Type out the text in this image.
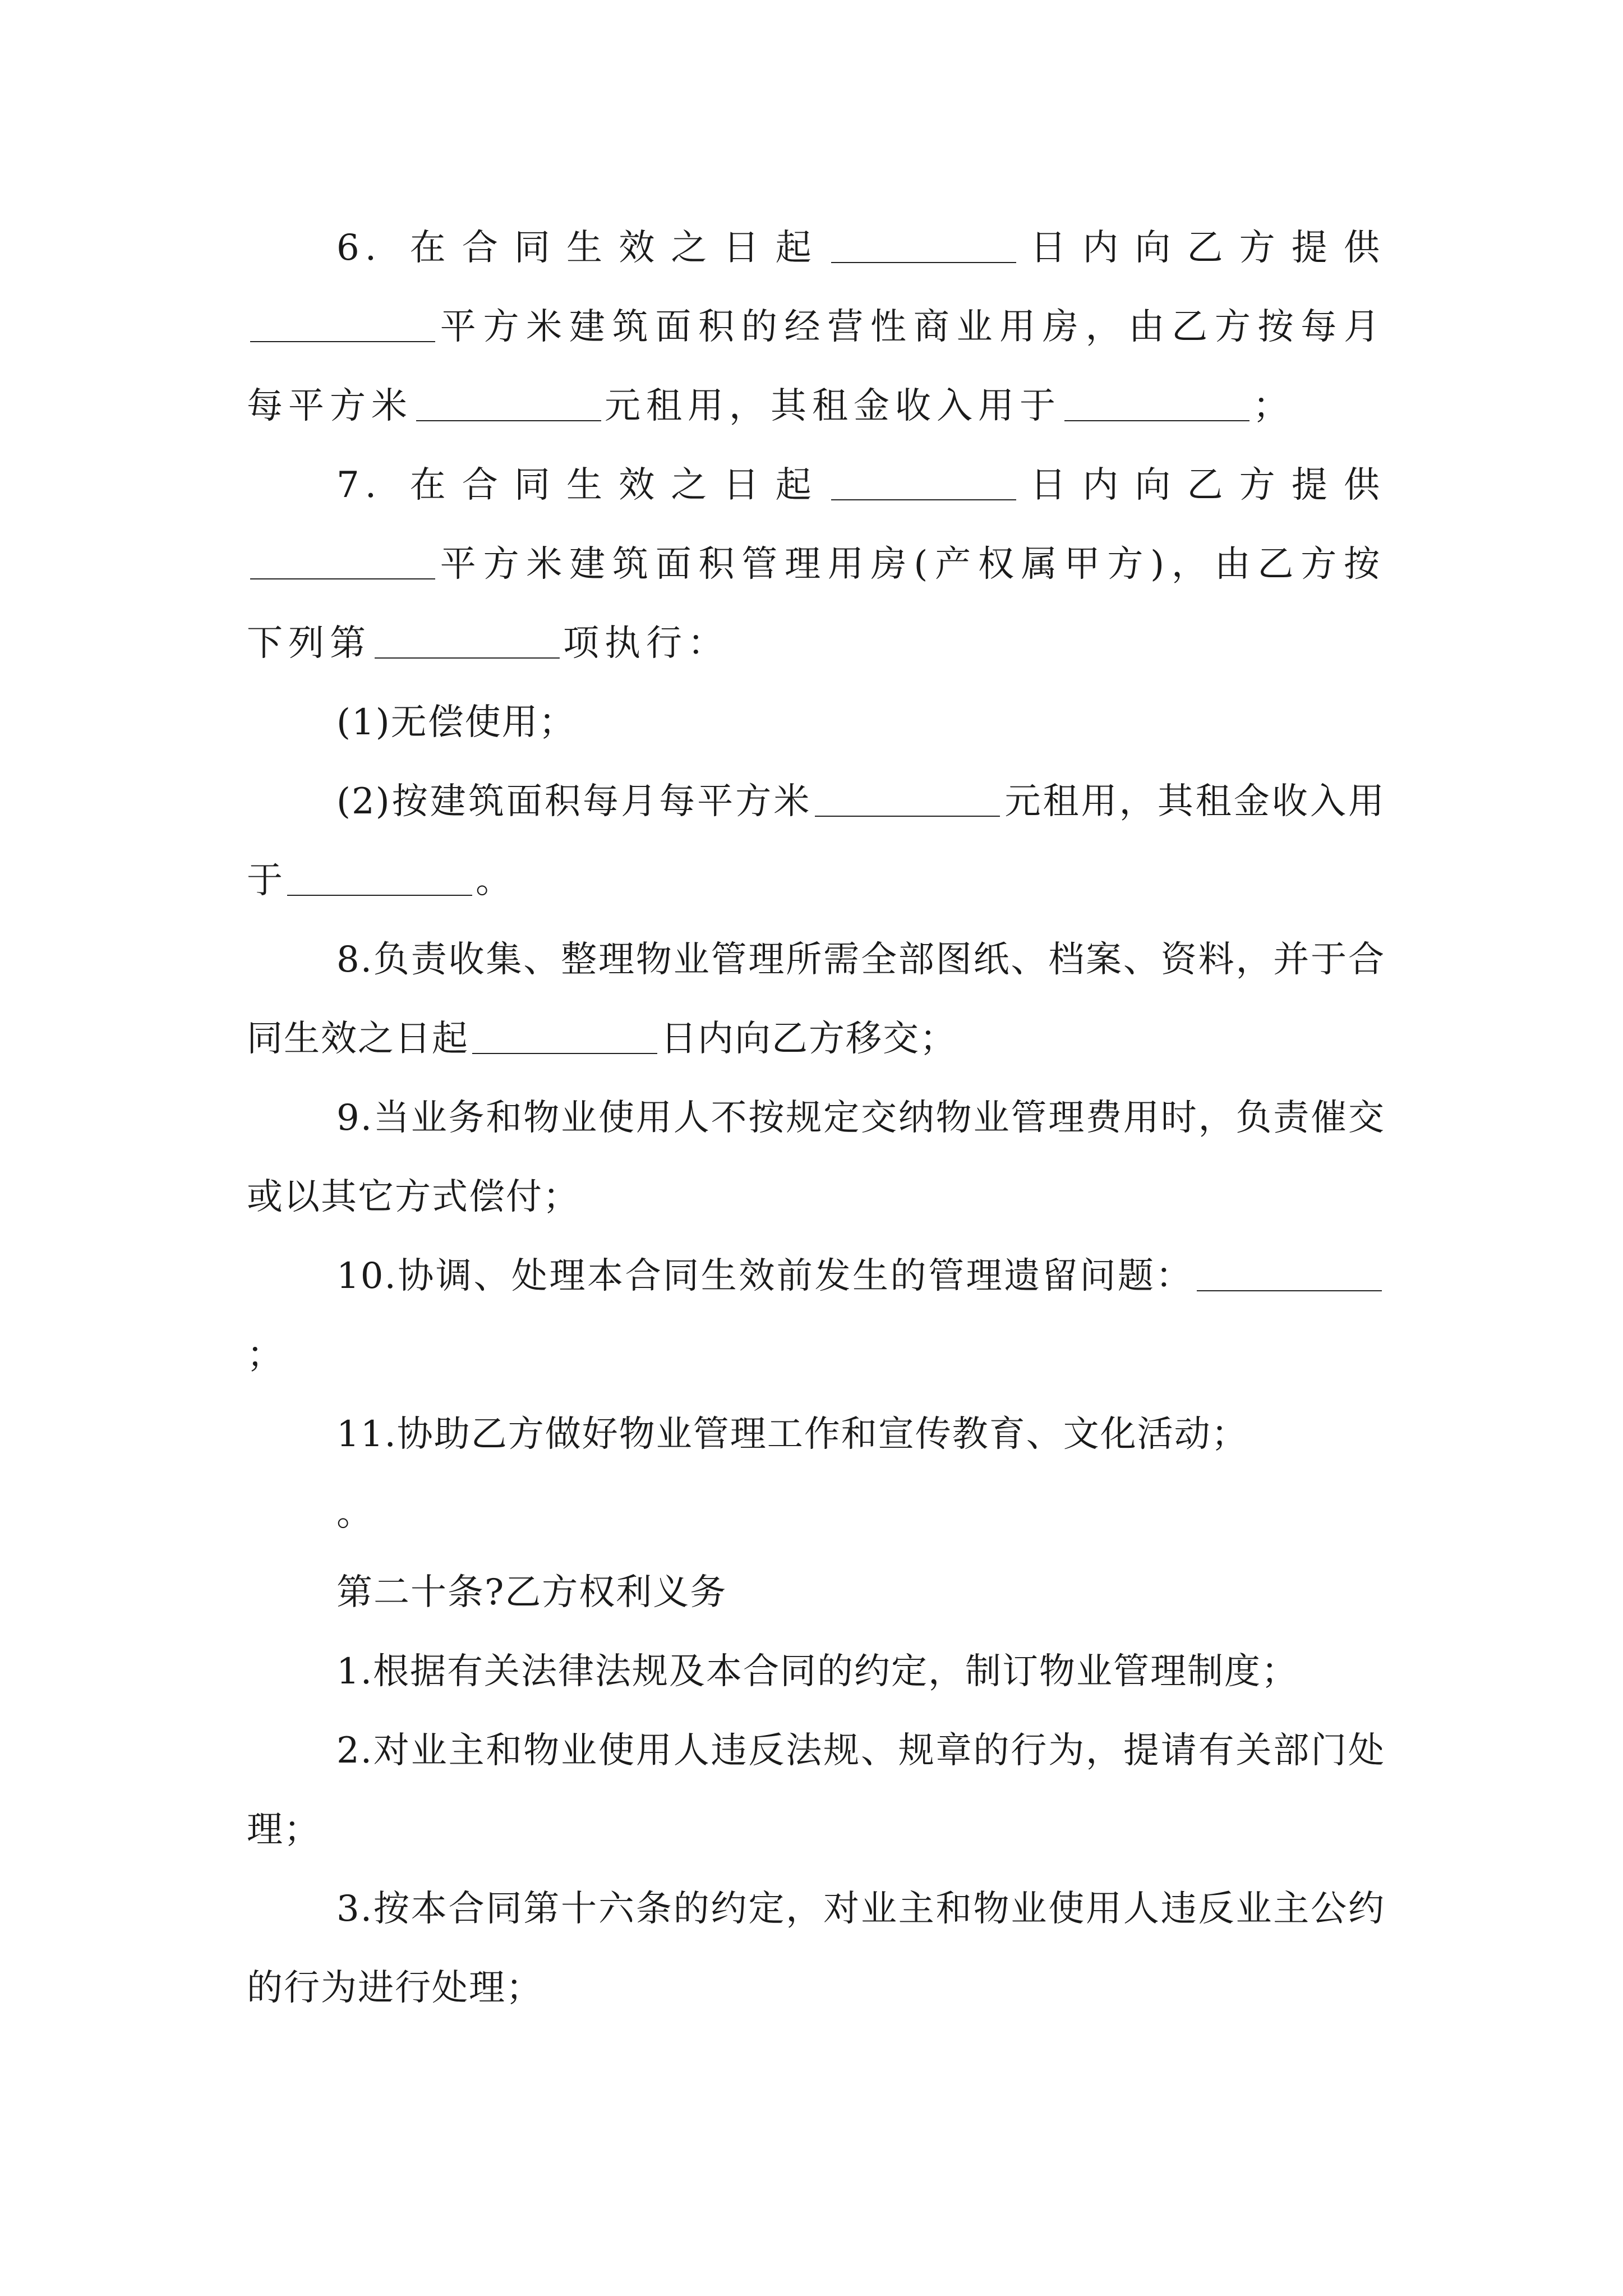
6. 在合同生效之日起	日内向乙方提供平方米建筑面积的经营性商业用房，由乙方按每月每平方米	元租用，其租金收入用于	；

7. 在合同生效之日起	日内向乙方提供平方米建筑面积管理用房(产权属甲方)，由乙方按下列第	项执行：

(1)无偿使用；

(2)按建筑面积每月每平方米	元租用，其租金收入用于	。

8.负责收集、整理物业管理所需全部图纸、档案、资料，并于合同生效之日起	日内向乙方移交；

9.当业务和物业使用人不按规定交纳物业管理费用时，负责催交或以其它方式偿付；

10.协调、处理本合同生效前发生的管理遗留问题：；

11.协助乙方做好物业管理工作和宣传教育、文化活动；

。

第二十条?乙方权利义务

1.根据有关法律法规及本合同的约定，制订物业管理制度；

2.对业主和物业使用人违反法规、规章的行为，提请有关部门处理；

3.按本合同第十六条的约定，对业主和物业使用人违反业主公约的行为进行处理；
